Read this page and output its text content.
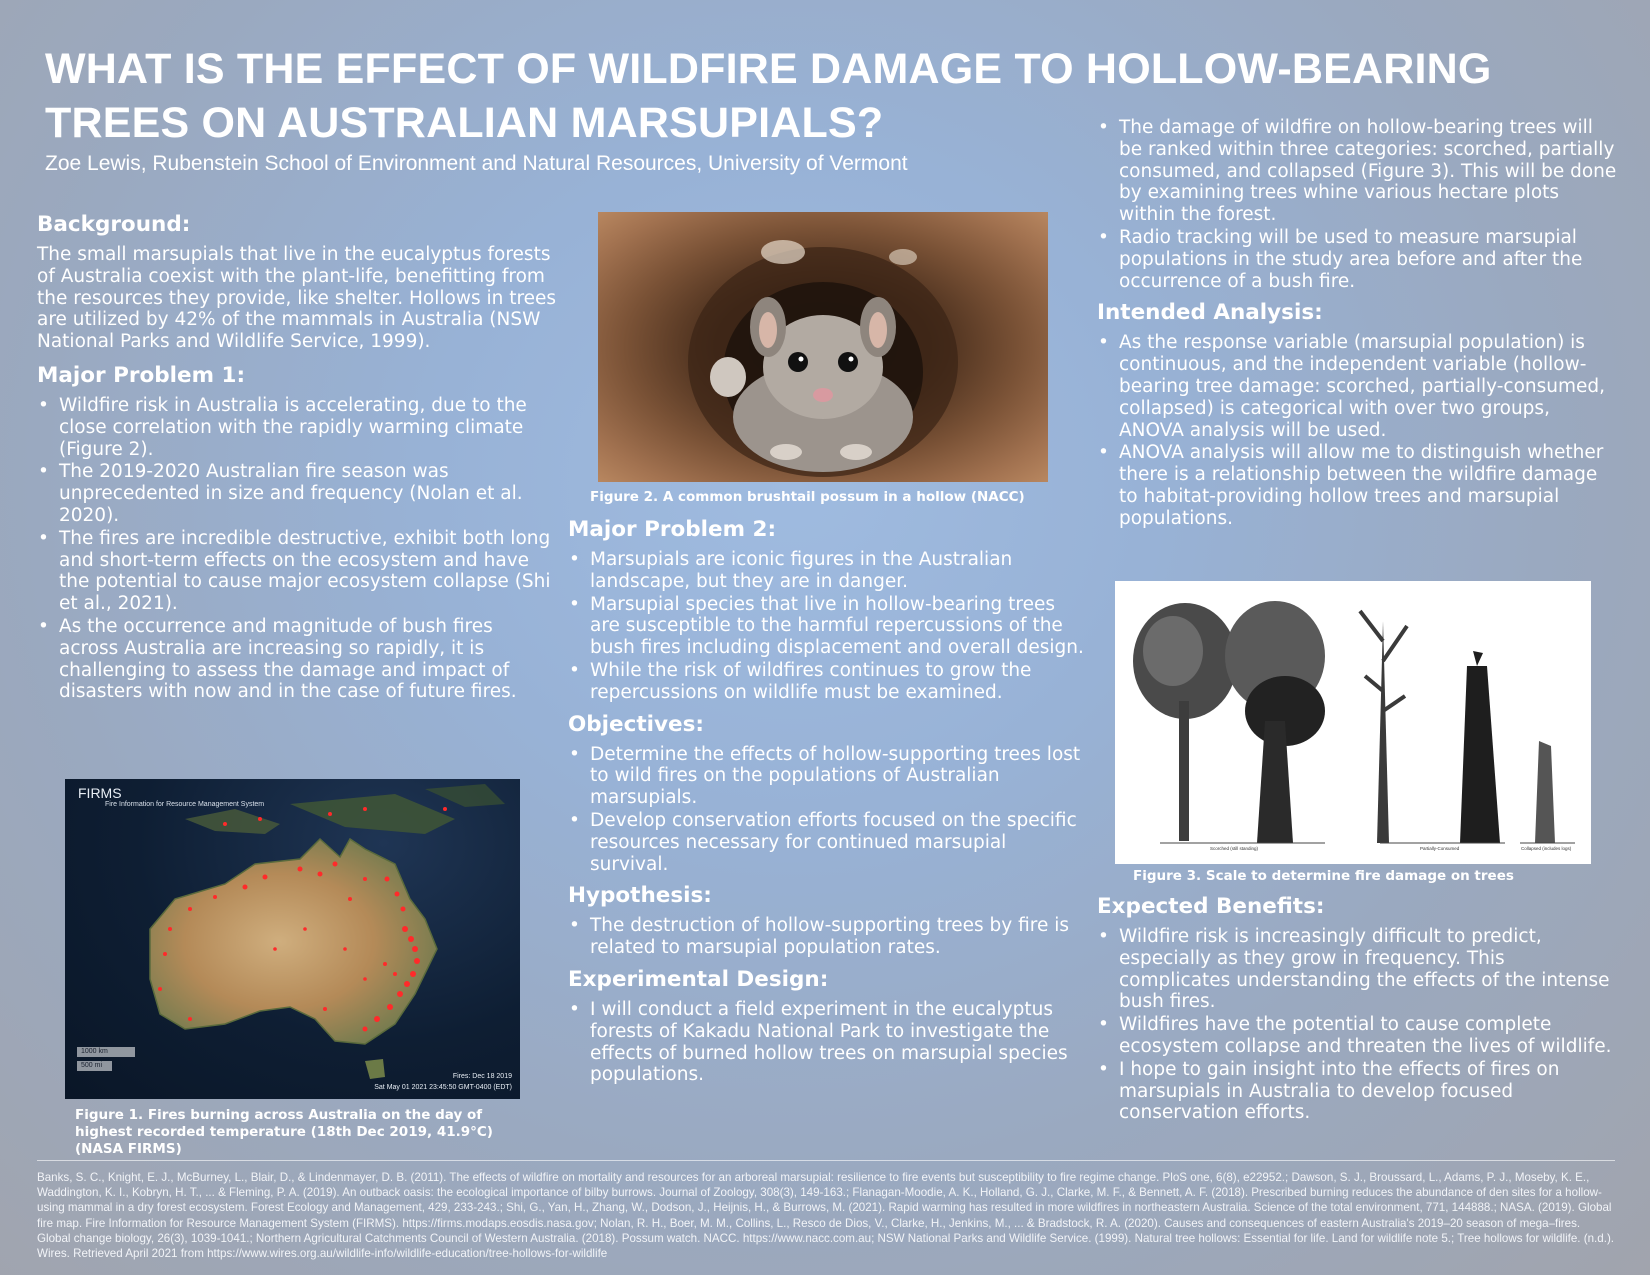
WHAT IS THE EFFECT OF WILDFIRE DAMAGE TO HOLLOW-BEARING TREES ON AUSTRALIAN MARSUPIALS?
Zoe Lewis, Rubenstein School of Environment and Natural Resources, University of Vermont
Background:
The small marsupials that live in the eucalyptus forests of Australia coexist with the plant-life, benefitting from the resources they provide, like shelter. Hollows in trees are utilized by 42% of the mammals in Australia (NSW National Parks and Wildlife Service, 1999).
Major Problem 1:
• Wildfire risk in Australia is accelerating, due to the close correlation with the rapidly warming climate (Figure 2).
• The 2019-2020 Australian fire season was unprecedented in size and frequency (Nolan et al. 2020).
• The fires are incredible destructive, exhibit both long and short-term effects on the ecosystem and have the potential to cause major ecosystem collapse (Shi et al., 2021).
• As the occurrence and magnitude of bush fires across Australia are increasing so rapidly, it is challenging to assess the damage and impact of disasters with now and in the case of future fires.
FIRMS
Fire Information for Resource Management System
1000 km
500 mi
Fires: Dec 18 2019
Sat May 01 2021 23:45:50 GMT-0400 (EDT)
Figure 1. Fires burning across Australia on the day of highest recorded temperature (18th Dec 2019, 41.9°C) (NASA FIRMS)
Figure 2. A common brushtail possum in a hollow (NACC)
Major Problem 2:
• Marsupials are iconic figures in the Australian landscape, but they are in danger.
• Marsupial species that live in hollow-bearing trees are susceptible to the harmful repercussions of the bush fires including displacement and overall design.
• While the risk of wildfires continues to grow the repercussions on wildlife must be examined.
Objectives:
• Determine the effects of hollow-supporting trees lost to wild fires on the populations of Australian marsupials.
• Develop conservation efforts focused on the specific resources necessary for continued marsupial survival.
Hypothesis:
• The destruction of hollow-supporting trees by fire is related to marsupial population rates.
Experimental Design:
• I will conduct a field experiment in the eucalyptus forests of Kakadu National Park to investigate the effects of burned hollow trees on marsupial species populations.
• The damage of wildfire on hollow-bearing trees will be ranked within three categories: scorched, partially consumed, and collapsed (Figure 3). This will be done by examining trees whine various hectare plots within the forest.
• Radio tracking will be used to measure marsupial populations in the study area before and after the occurrence of a bush fire.
Intended Analysis:
• As the response variable (marsupial population) is continuous, and the independent variable (hollow-bearing tree damage: scorched, partially-consumed, collapsed) is categorical with over two groups, ANOVA analysis will be used.
• ANOVA analysis will allow me to distinguish whether there is a relationship between the wildfire damage to habitat-providing hollow trees and marsupial populations.
Scorched (still standing)	Partially-Consumed	Collapsed (includes logs)
Figure 3. Scale to determine fire damage on trees
Expected Benefits:
• Wildfire risk is increasingly difficult to predict, especially as they grow in frequency. This complicates understanding the effects of the intense bush fires.
• Wildfires have the potential to cause complete ecosystem collapse and threaten the lives of wildlife.
• I hope to gain insight into the effects of fires on marsupials in Australia to develop focused conservation efforts.
Banks, S. C., Knight, E. J., McBurney, L., Blair, D., & Lindenmayer, D. B. (2011). The effects of wildfire on mortality and resources for an arboreal marsupial: resilience to fire events but susceptibility to fire regime change. PloS one, 6(8), e22952.; Dawson, S. J., Broussard, L., Adams, P. J., Moseby, K. E., Waddington, K. I., Kobryn, H. T., ... & Fleming, P. A. (2019). An outback oasis: the ecological importance of bilby burrows. Journal of Zoology, 308(3), 149-163.; Flanagan-Moodie, A. K., Holland, G. J., Clarke, M. F., & Bennett, A. F. (2018). Prescribed burning reduces the abundance of den sites for a hollow-using mammal in a dry forest ecosystem. Forest Ecology and Management, 429, 233-243.; Shi, G., Yan, H., Zhang, W., Dodson, J., Heijnis, H., & Burrows, M. (2021). Rapid warming has resulted in more wildfires in northeastern Australia. Science of the total environment, 771, 144888.; NASA. (2019). Global fire map. Fire Information for Resource Management System (FIRMS). https://firms.modaps.eosdis.nasa.gov; Nolan, R. H., Boer, M. M., Collins, L., Resco de Dios, V., Clarke, H., Jenkins, M., ... & Bradstock, R. A. (2020). Causes and consequences of eastern Australia's 2019–20 season of mega–fires. Global change biology, 26(3), 1039-1041.; Northern Agricultural Catchments Council of Western Australia. (2018). Possum watch. NACC. https://www.nacc.com.au; NSW National Parks and Wildlife Service. (1999). Natural tree hollows: Essential for life. Land for wildlife note 5.; Tree hollows for wildlife. (n.d.). Wires. Retrieved April 2021 from https://www.wires.org.au/wildlife-info/wildlife-education/tree-hollows-for-wildlife
